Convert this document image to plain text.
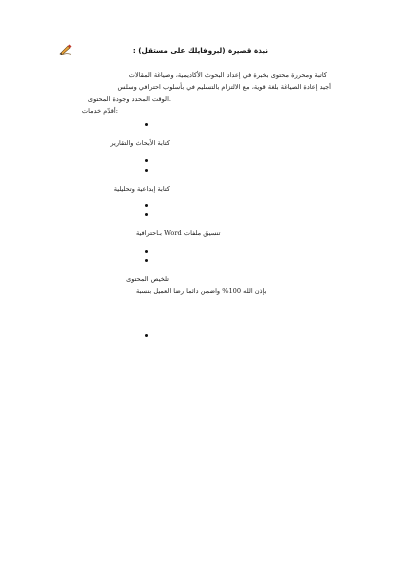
نبذة قصيرة (لبروفايلك على مستقل) :
كاتبة ومحررة محتوى بخبرة في إعداد البحوث الأكاديمية، وصياغة المقالات
أجيد إعادة الصياغة بلغة قوية، مع الالتزام بالتسليم في بأسلوب احترافي وسلس
.الوقت المحدد وجودة المحتوى
:أقدّم خدمات
كتابة الأبحاث والتقارير
كتابة إبداعية وتحليلية
بـاحترافية Word تنسيق ملفات
تلخيص المحتوى
بإذن الله 100% واضمن دائما رضا العميل بنسبة
